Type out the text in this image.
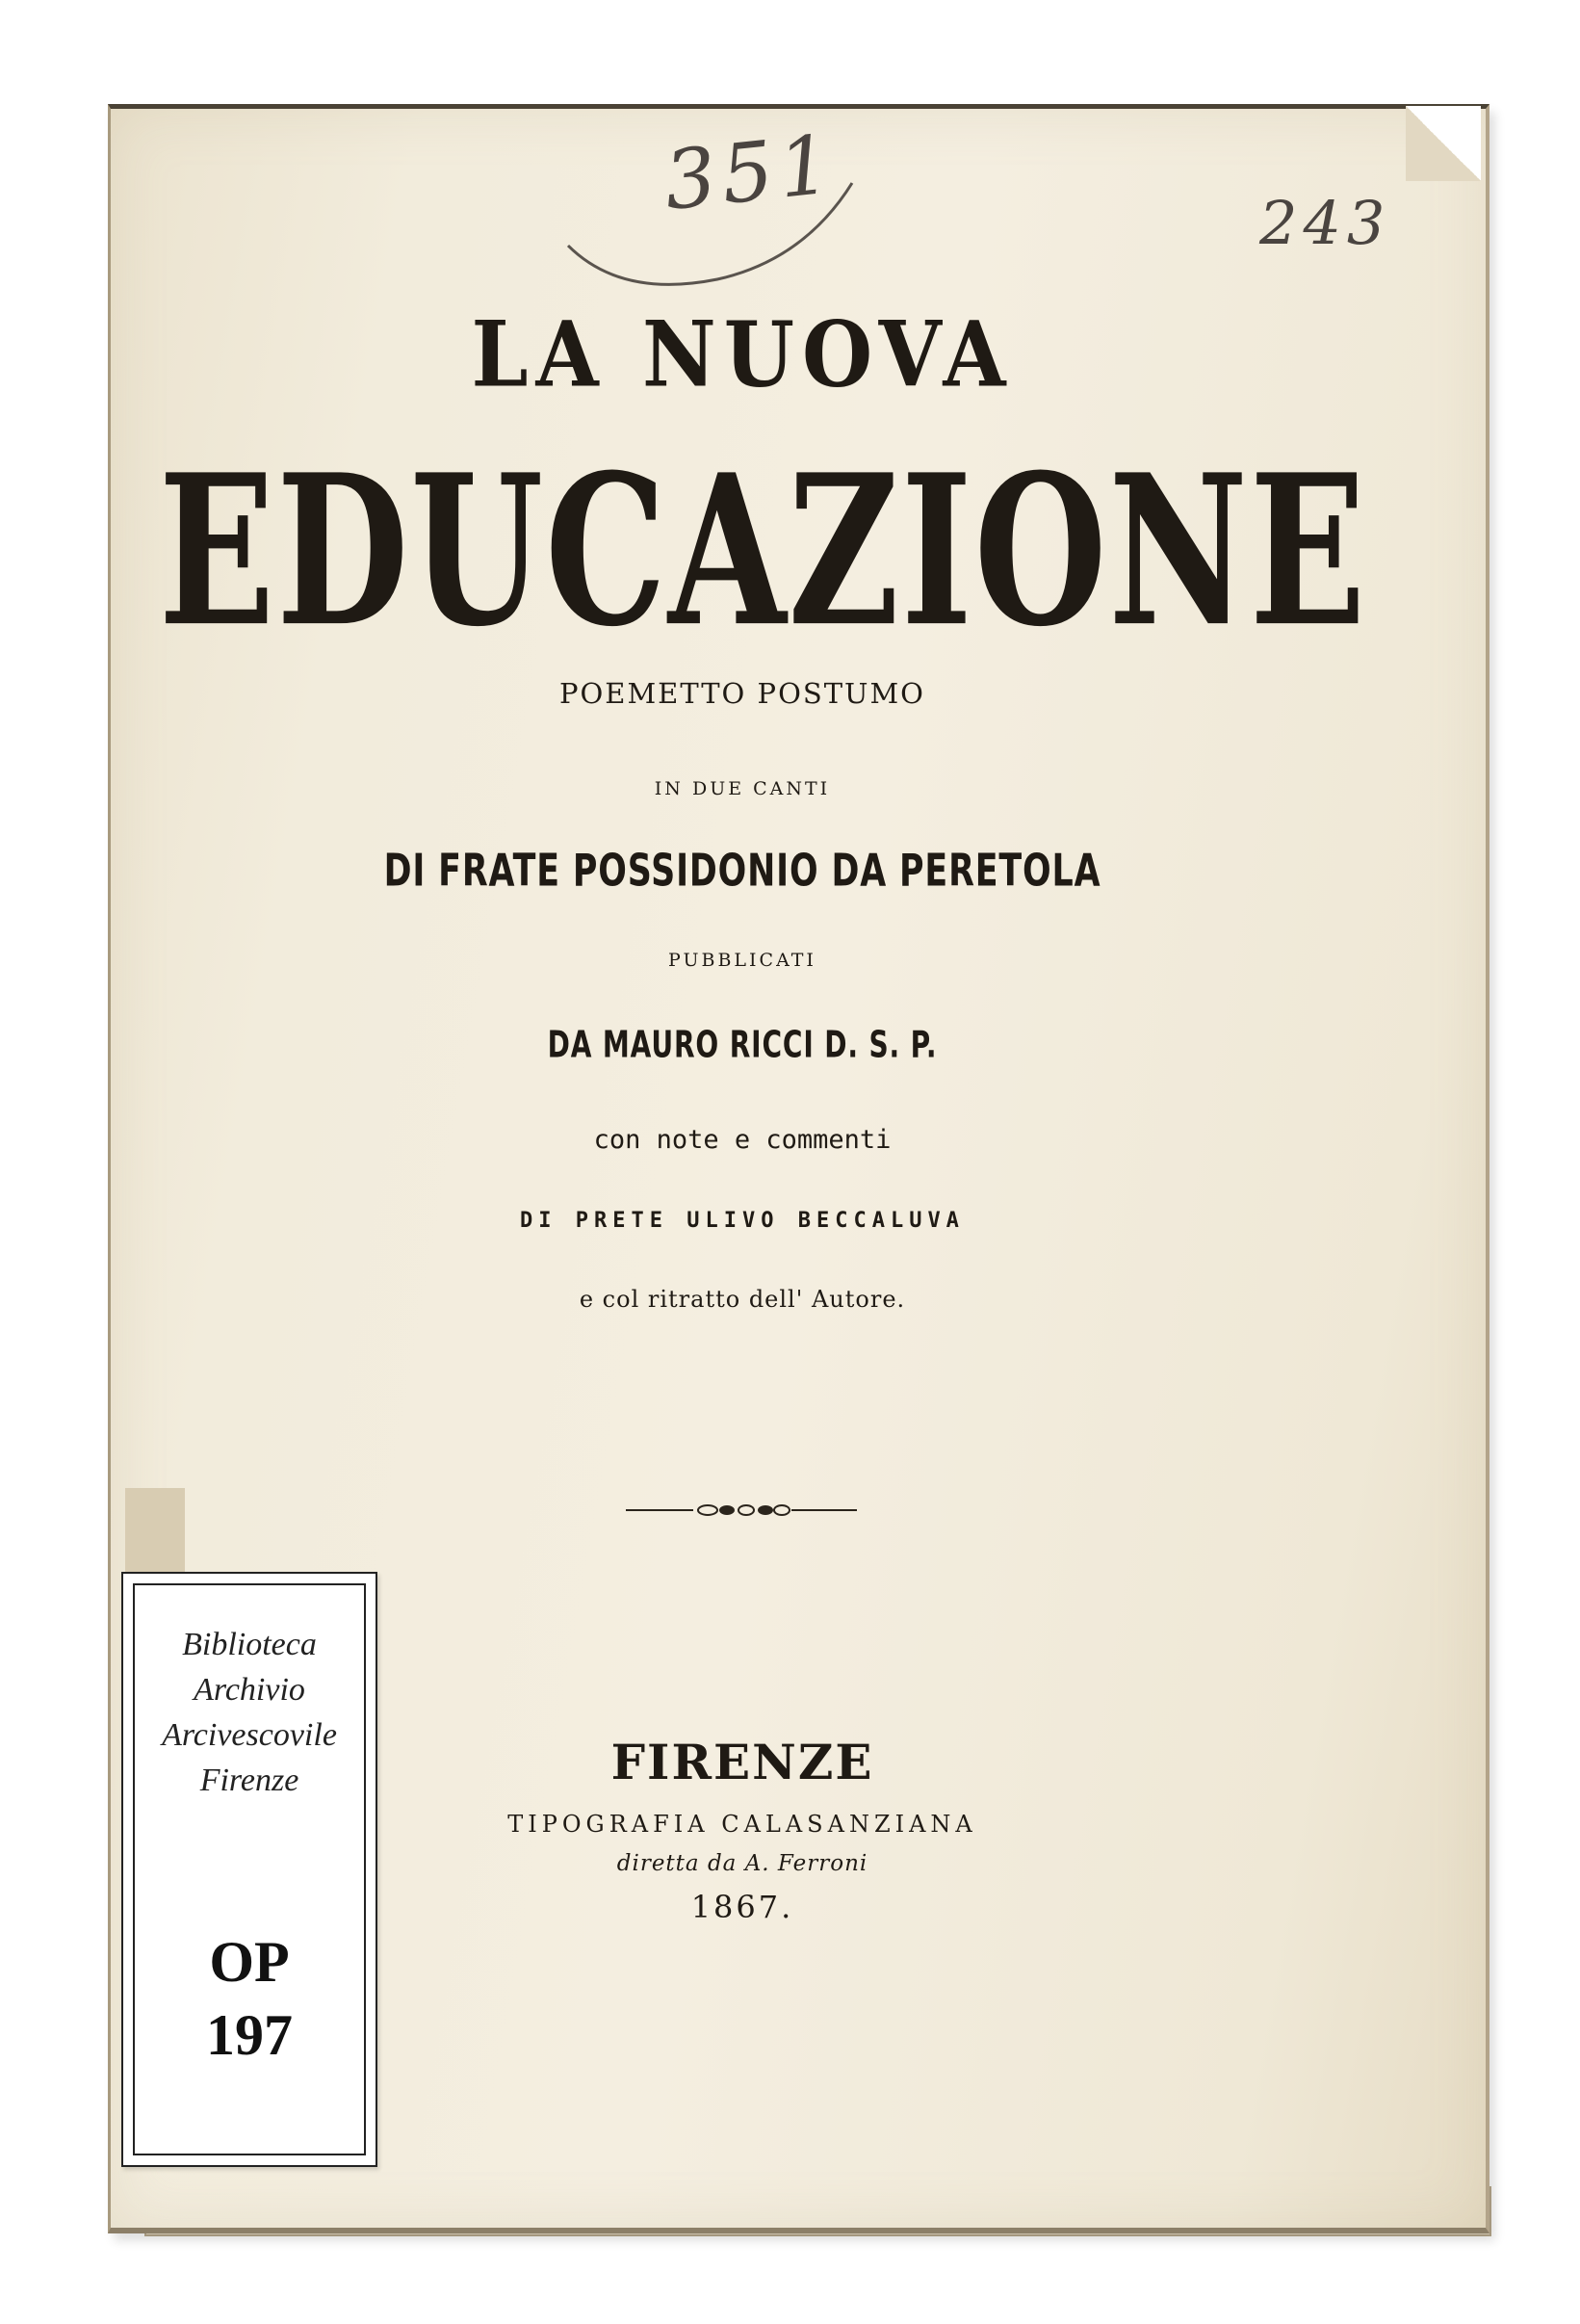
351	243
LA NUOVA
EDUCAZIONE
POEMETTO POSTUMO
IN DUE CANTI
DI FRATE POSSIDONIO DA PERETOLA
PUBBLICATI
DA MAURO RICCI D. S. P.
con note e commenti
DI PRETE ULIVO BECCALUVA
e col ritratto dell' Autore.
FIRENZE
TIPOGRAFIA CALASANZIANA
diretta da A. Ferroni
1867.
Biblioteca
Archivio
Arcivescovile
Firenze
OP
197
